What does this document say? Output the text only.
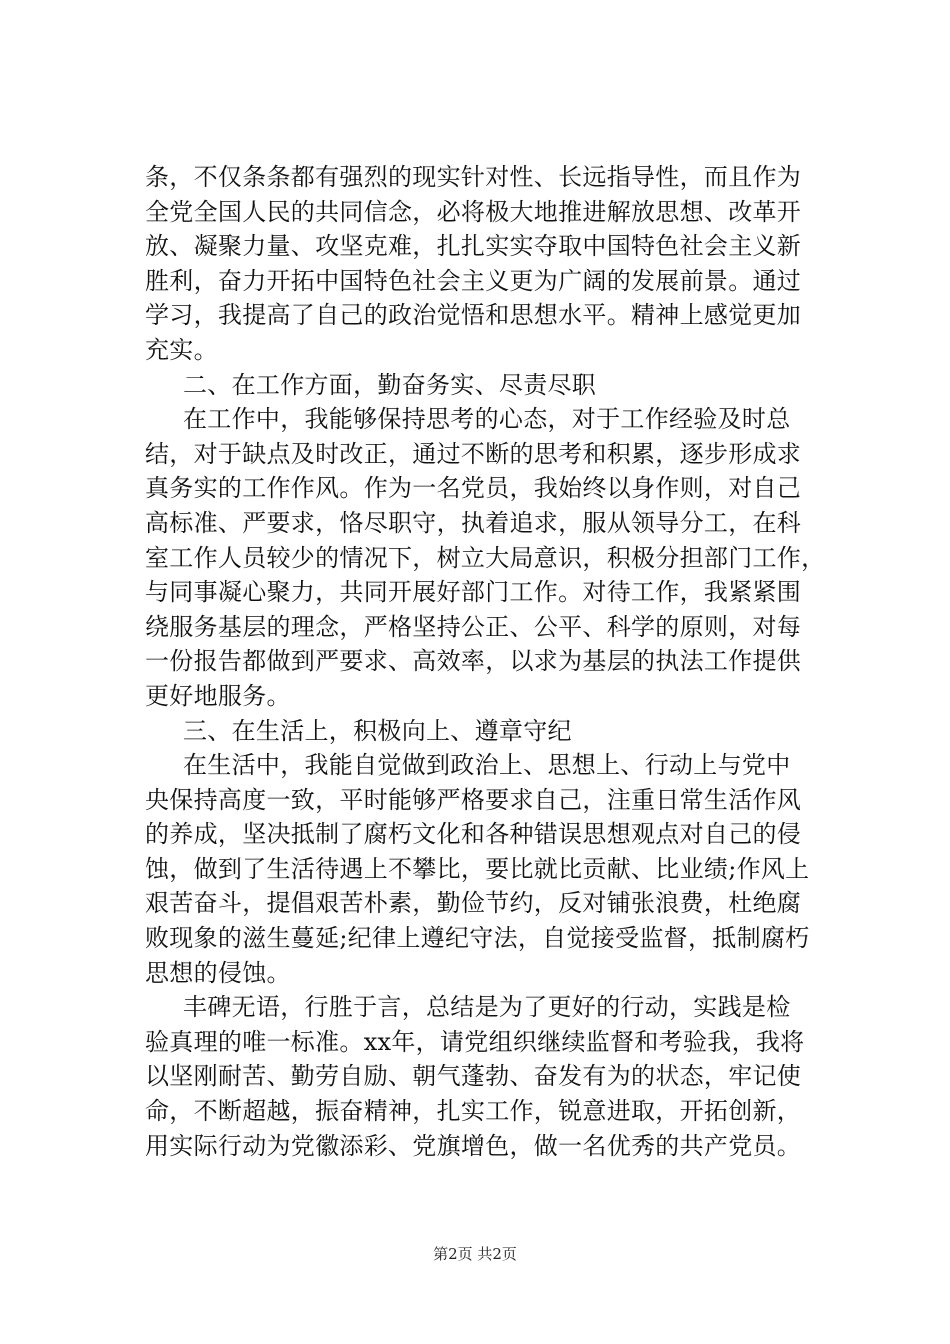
条，不仅条条都有强烈的现实针对性、长远指导性，而且作为
全党全国人民的共同信念，必将极大地推进解放思想、改革开
放、凝聚力量、攻坚克难，扎扎实实夺取中国特色社会主义新
胜利，奋力开拓中国特色社会主义更为广阔的发展前景。通过
学习，我提高了自己的政治觉悟和思想水平。精神上感觉更加
充实。
二、在工作方面，勤奋务实、尽责尽职
在工作中，我能够保持思考的心态，对于工作经验及时总
结，对于缺点及时改正，通过不断的思考和积累，逐步形成求
真务实的工作作风。作为一名党员，我始终以身作则，对自己
高标准、严要求，恪尽职守，执着追求，服从领导分工，在科
室工作人员较少的情况下，树立大局意识，积极分担部门工作，
与同事凝心聚力，共同开展好部门工作。对待工作，我紧紧围
绕服务基层的理念，严格坚持公正、公平、科学的原则，对每
一份报告都做到严要求、高效率，以求为基层的执法工作提供
更好地服务。
三、在生活上，积极向上、遵章守纪
在生活中，我能自觉做到政治上、思想上、行动上与党中
央保持高度一致，平时能够严格要求自己，注重日常生活作风
的养成，坚决抵制了腐朽文化和各种错误思想观点对自己的侵
蚀，做到了生活待遇上不攀比，要比就比贡献、比业绩;作风上
艰苦奋斗，提倡艰苦朴素，勤俭节约，反对铺张浪费，杜绝腐
败现象的滋生蔓延;纪律上遵纪守法，自觉接受监督，抵制腐朽
思想的侵蚀。
丰碑无语，行胜于言，总结是为了更好的行动，实践是检
验真理的唯一标准。xx年，请党组织继续监督和考验我，我将
以坚刚耐苦、勤劳自励、朝气蓬勃、奋发有为的状态，牢记使
命，不断超越，振奋精神，扎实工作，锐意进取，开拓创新，
用实际行动为党徽添彩、党旗增色，做一名优秀的共产党员。
第2页 共2页
